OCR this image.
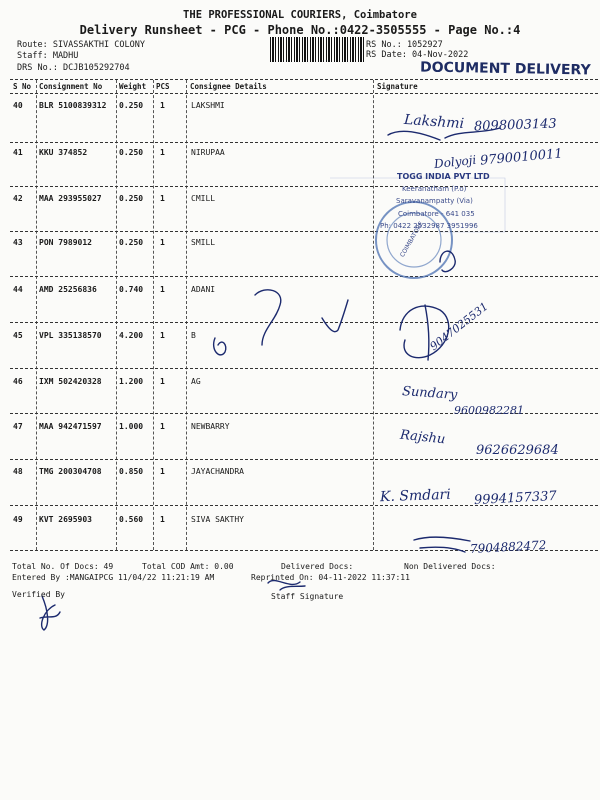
THE PROFESSIONAL COURIERS, Coimbatore
Delivery Runsheet - PCG - Phone No.:0422-3505555 - Page No.:4
Route: SIVASSAKTHI COLONY
Staff: MADHU
DRS No.: DCJB105292704
RS No.: 1052927
RS Date: 04-Nov-2022
DOCUMENT DELIVERY
S No Consignment No Weight PCS	Consignee Details	Signature
40 BLR 5100839312 0.250 1	LAKSHMI
41 KKU 374852	0.250 1	NIRUPAA
42 MAA 293955027 0.250 1	CMILL
43 PON 7989012	0.250 1	SMILL
44 AMD 25256836	0.740 1	ADANI
45 VPL 335138570 4.200 1	B
46 IXM 502420328 1.200 1	AG
47 MAA 942471597 1.000 1	NEWBARRY
48 TMG 200304708 0.850 1	JAYACHANDRA
49 KVT 2695903	0.560 1	SIVA SAKTHY
TOGG INDIA PVT LTD
Keeranatham (P.o)
Saravanampatty (Via)
Coimbatore - 641 035
Ph: 0422 2532987 3951996
COIMBATORE
Lakshmi 8098003143
Dolyoji 9790010011
9047025531
Sundary
9600982281
Rajshu
9626629684
K. Smdari 9994157337
7904882472
Total No. Of Docs: 49	Total COD Amt: 0.00	Delivered Docs:	Non Delivered Docs:
Entered By :MANGAIPCG 11/04/22 11:21:19 AM	Reprinted On: 04-11-2022 11:37:11
Verified By	Staff Signature
